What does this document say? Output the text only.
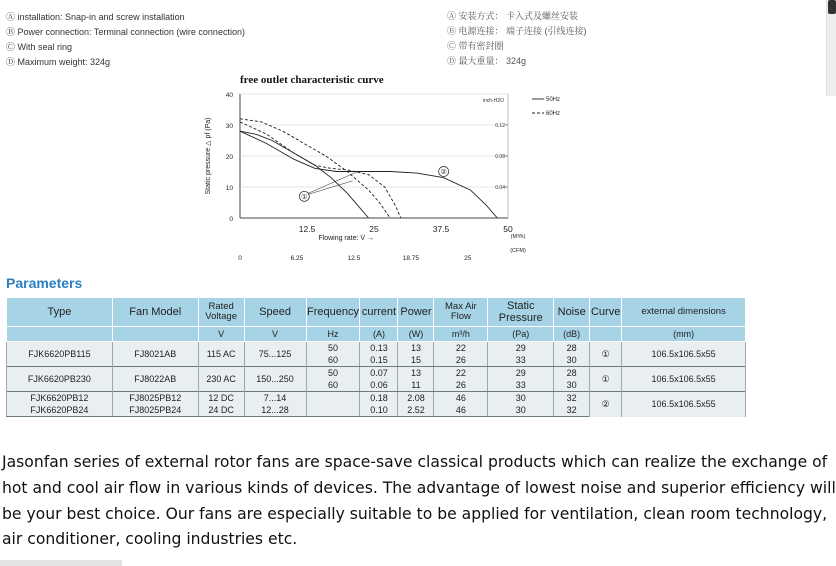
Ⓐ installation: Snap-in and screw installation
Ⓑ Power connection: Terminal connection (wire connection)
Ⓒ With seal ring
Ⓓ Maximum weight: 324g
Ⓐ 安装方式： 卡入式及螺丝安装
Ⓑ 电源连接： 端子连接 (引线连接)
Ⓒ 带有密封圈
Ⓓ 最大重量： 324g
free outlet characteristic curve
0
10
20
30
40
12.5	25	37.5	50
0	6.25	12.5	18.75	25
inch-H2O
0.12
0.08
0.04
Static pressure △ pf (Pa)
Flowing rate: V̇ →	(M³/h)
(CFM)
50Hz
60Hz
①
②
Parameters
Type	Fan Model	Rated Voltage	Speed	Frequency	current	Power	Max Air Flow	Static Pressure	Noise	Curve	external dimensions
		V	V	Hz	(A)	(W)	m³/h	(Pa)	(dB)		(mm)
FJK6620PB115	FJ8021AB	115 AC	75...125	50	0.13	13	22	29	28	①	106.5x106.5x55
				60	0.15	15	26	33	30		
FJK6620PB230	FJ8022AB	230 AC	150...250	50	0.07	13	22	29	28	①	106.5x106.5x55
				60	0.06	11	26	33	30		
FJK6620PB12	FJ8025PB12	12 DC	7...14		0.18	2.08	46	30	32	②	106.5x106.5x55
FJK6620PB24	FJ8025PB24	24 DC	12...28		0.10	2.52	46	30	32		
Jasonfan series of external rotor fans are space-save classical products which can realize the exchange of hot and cool air flow in various kinds of devices. The advantage of lowest noise and superior efficiency will be your best choice. Our fans are especially suitable to be applied for ventilation, clean room technology, air conditioner, cooling industries etc.
